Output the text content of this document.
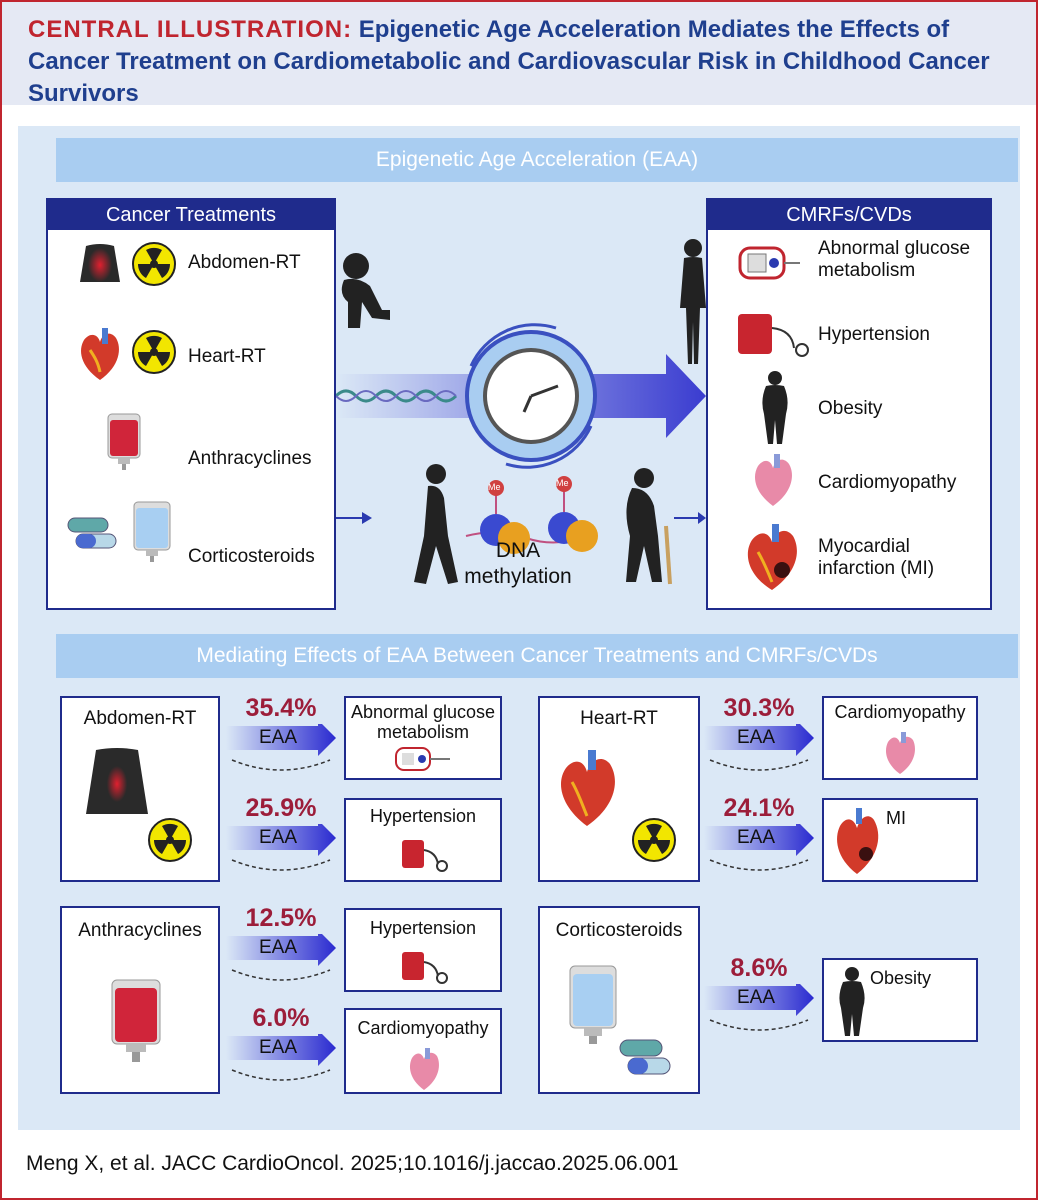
CENTRAL ILLUSTRATION: Epigenetic Age Acceleration Mediates the Effects of Cancer Treatment on Cardiometabolic and Cardiovascular Risk in Childhood Cancer Survivors

Epigenetic Age Acceleration (EAA)
Cancer Treatments
Abdomen-RT
Heart-RT
Anthracyclines
Corticosteroids
CMRFs/CVDs
Abnormal glucose
metabolism
Hypertension
Obesity
Cardiomyopathy
Myocardial
infarction (MI)
Me	Me
DNA
methylation
Mediating Effects of EAA Between Cancer Treatments and CMRFs/CVDs
Abdomen-RT	35.4%
EAA
Abnormal glucose
metabolism
25.9%
EAA
Hypertension
Heart-RT	30.3%
EAA
Cardiomyopathy
24.1%
EAA
MI
Anthracyclines	12.5%
EAA
Hypertension
6.0%
EAA
Cardiomyopathy
Corticosteroids
8.6%
EAA
Obesity
Meng X, et al. JACC CardioOncol. 2025;10.1016/j.jaccao.2025.06.001
